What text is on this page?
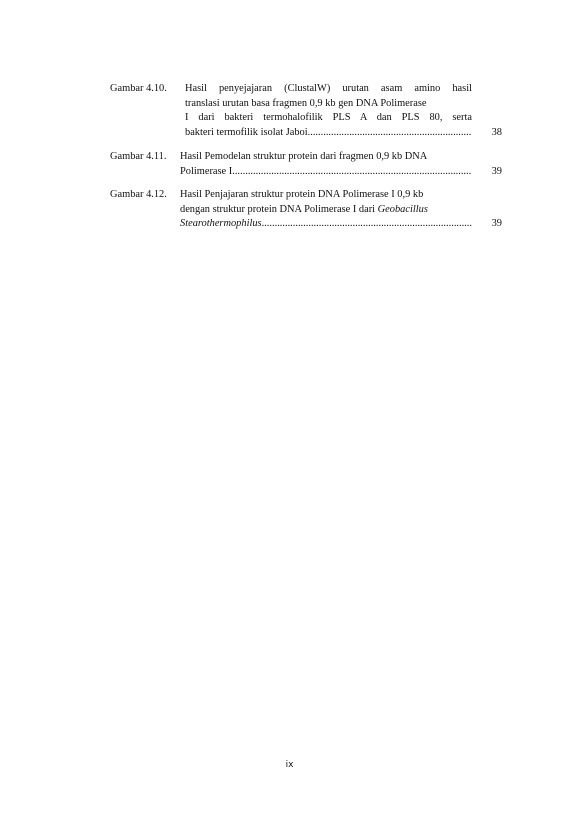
Gambar 4.10. Hasil penyejajaran (ClustalW) urutan asam amino hasil
translasi urutan basa fragmen 0,9 kb gen DNA Polimerase
I dari bakteri termohalofilik PLS A dan PLS 80, serta
bakteri termofilik isolat Jaboi .....	38
Gambar 4.11. Hasil Pemodelan struktur protein dari fragmen 0,9 kb DNA
Polimerase I .....	39
Gambar 4.12. Hasil Penjajaran struktur protein DNA Polimerase I 0,9 kb
dengan struktur protein DNA Polimerase I dari Geobacillus
Stearothermophilus .....	39
ix
